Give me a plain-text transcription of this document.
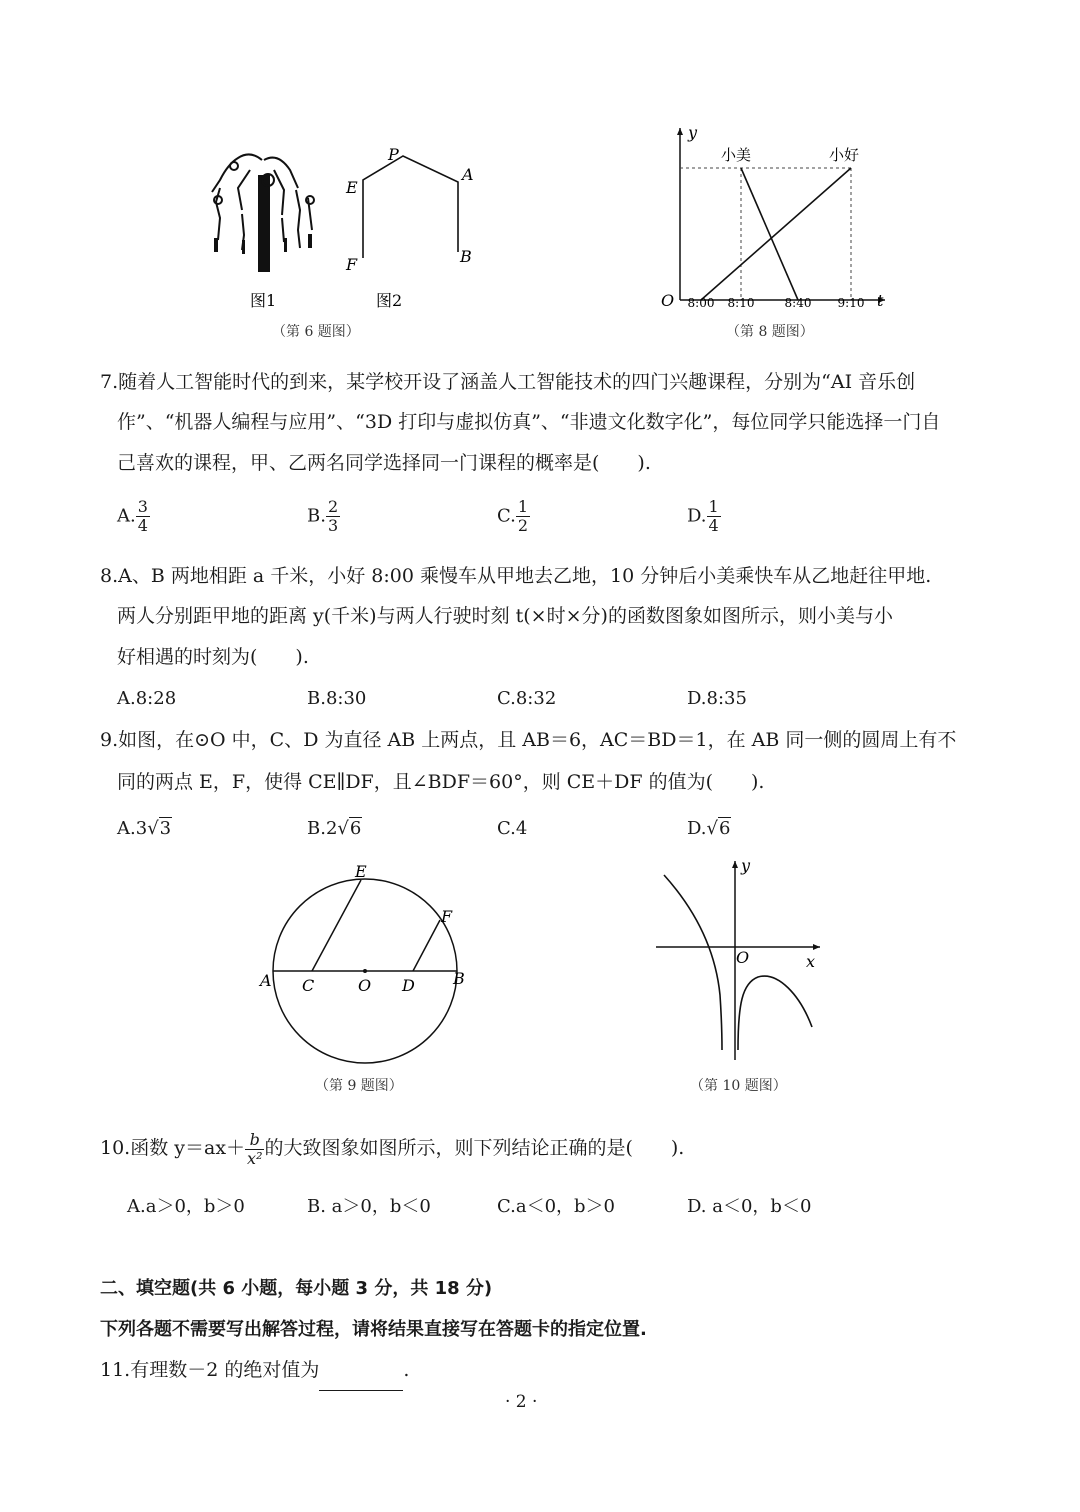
E
P
A
F	B
图1	图2
（第 6 题图）
y
t
O
小美	小好
8:00 8:10	8:40 9:10
（第 8 题图）
7.随着人工智能时代的到来，某学校开设了涵盖人工智能技术的四门兴趣课程，分别为“AI 音乐创
作”、“机器人编程与应用”、“3D 打印与虚拟仿真”、“非遗文化数字化”，每位同学只能选择一门自
己喜欢的课程，甲、乙两名同学选择同一门课程的概率是(　　).
A. $\frac{3}{4}$	B. $\frac{2}{3}$	C. $\frac{1}{2}$	D. $\frac{1}{4}$
8.A、B 两地相距 a 千米，小好 8:00 乘慢车从甲地去乙地，10 分钟后小美乘快车从乙地赶往甲地.
两人分别距甲地的距离 y(千米)与两人行驶时刻 t(×时×分)的函数图象如图所示，则小美与小
好相遇的时刻为(　　).
A.8:28	B.8:30	C.8:32	D.8:35
9.如图，在⊙O 中，C、D 为直径 AB 上两点，且 AB＝6，AC＝BD＝1，在 AB 同一侧的圆周上有不
同的两点 E，F，使得 CE∥DF，且∠BDF＝60°，则 CE＋DF 的值为(　　).
A.3√3	B.2√6	C.4	D.√6
A	B
C	O D
E
F
（第 9 题图）
y
x
O
（第 10 题图）
10.函数 $y=ax+ \frac{b}{\text{x²}}$ 的大致图象如图所示，则下列结论正确的是(　　).
A.a＞0，b＞0	B. a＞0，b＜0	C.a＜0，b＞0	D. a＜0，b＜0
二、填空题(共 6 小题，每小题 3 分，共 18 分)
下列各题不需要写出解答过程，请将结果直接写在答题卡的指定位置.
11.有理数－2 的绝对值为	.
· 2 ·
